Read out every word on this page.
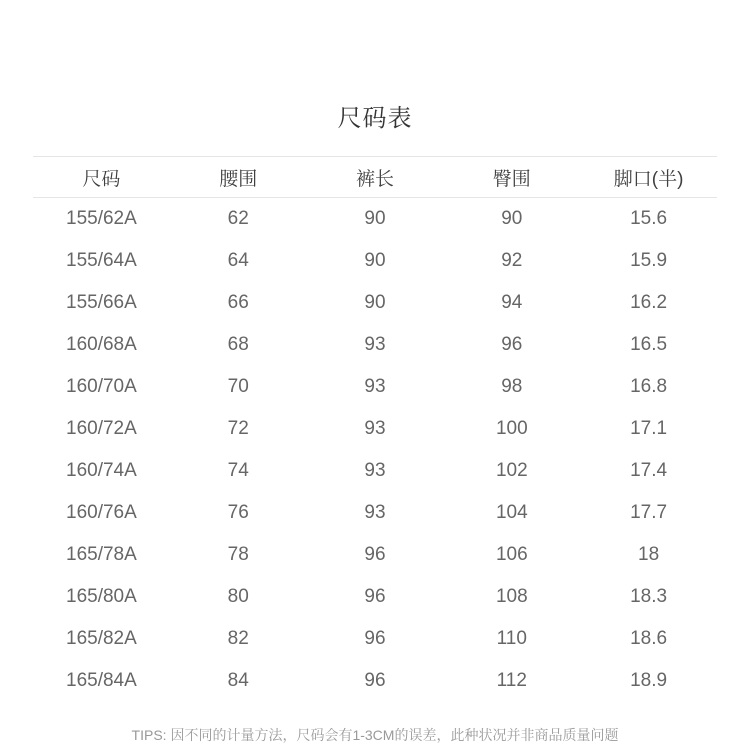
尺码表
尺码	腰围	裤长	臀围	脚口(半)
155/62A	62	90	90	15.6
155/64A	64	90	92	15.9
155/66A	66	90	94	16.2
160/68A	68	93	96	16.5
160/70A	70	93	98	16.8
160/72A	72	93	100	17.1
160/74A	74	93	102	17.4
160/76A	76	93	104	17.7
165/78A	78	96	106	18
165/80A	80	96	108	18.3
165/82A	82	96	110	18.6
165/84A	84	96	112	18.9

TIPS: 因不同的计量方法，尺码会有1-3CM的误差，此种状况并非商品质量问题
